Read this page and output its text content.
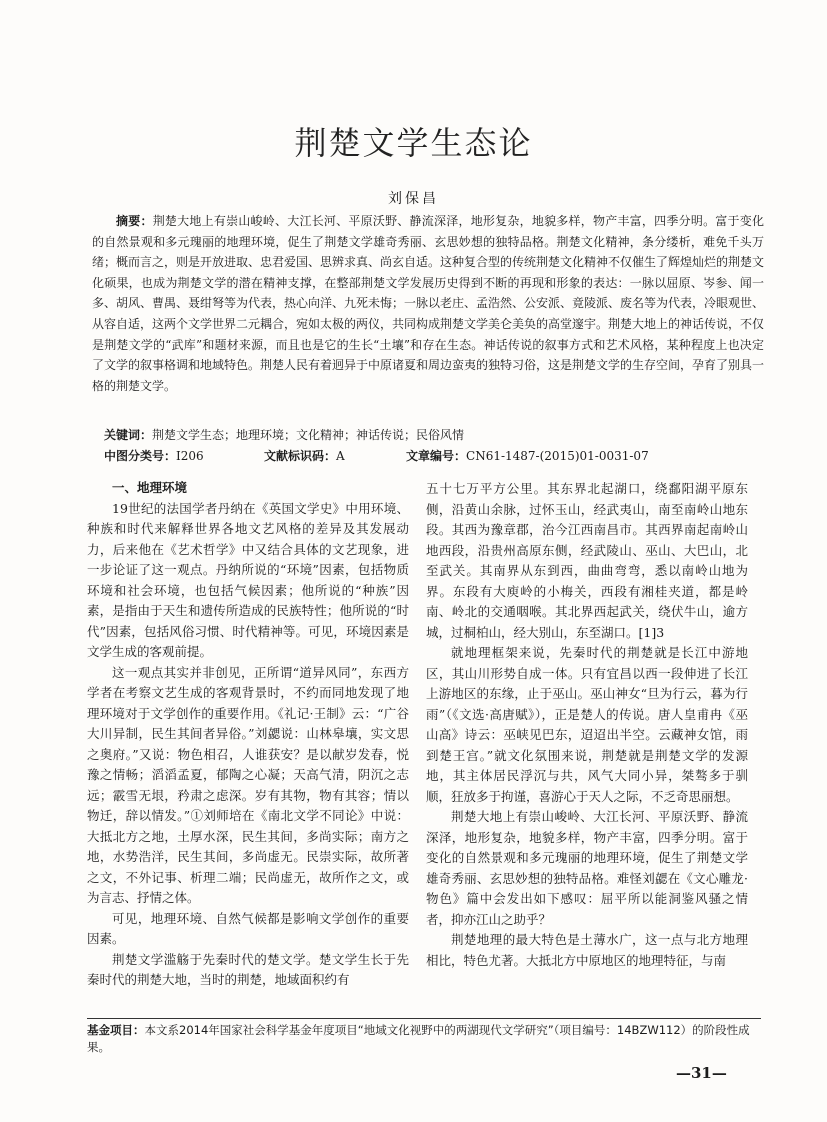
荆楚文学生态论
刘保昌
摘要：荆楚大地上有崇山峻岭、大江长河、平原沃野、静流深泽，地形复杂，地貌多样，物产丰富，四季分明。富于变化的自然景观和多元瑰丽的地理环境，促生了荆楚文学雄奇秀丽、玄思妙想的独特品格。荆楚文化精神，条分缕析，难免千头万绪；概而言之，则是开放进取、忠君爱国、思辨求真、尚玄自适。这种复合型的传统荆楚文化精神不仅催生了辉煌灿烂的荆楚文化硕果，也成为荆楚文学的潜在精神支撑，在整部荆楚文学发展历史得到不断的再现和形象的表达：一脉以屈原、岑参、闻一多、胡风、曹禺、聂绀弩等为代表，热心向洋、九死未悔；一脉以老庄、孟浩然、公安派、竟陵派、废名等为代表，冷眼观世、从容自适，这两个文学世界二元耦合，宛如太极的两仪，共同构成荆楚文学美仑美奂的高堂邃宇。荆楚大地上的神话传说，不仅是荆楚文学的“武库”和题材来源，而且也是它的生长“土壤”和存在生态。神话传说的叙事方式和艺术风格，某种程度上也决定了文学的叙事格调和地域特色。荆楚人民有着迥异于中原诸夏和周边蛮夷的独特习俗，这是荆楚文学的生存空间，孕育了别具一格的荆楚文学。
关键词：荆楚文学生态；地理环境；文化精神；神话传说；民俗风情
中图分类号：I206	文献标识码：A	文章编号：CN61-1487-(2015)01-0031-07

一、地理环境

19世纪的法国学者丹纳在《英国文学史》中用环境、种族和时代来解释世界各地文艺风格的差异及其发展动力，后来他在《艺术哲学》中又结合具体的文艺现象，进一步论证了这一观点。丹纳所说的“环境”因素，包括物质环境和社会环境，也包括气候因素；他所说的“种族”因素，是指由于天生和遗传所造成的民族特性；他所说的“时代”因素，包括风俗习惯、时代精神等。可见，环境因素是文学生成的客观前提。

这一观点其实并非创见，正所谓“道异风同”，东西方学者在考察文艺生成的客观背景时，不约而同地发现了地理环境对于文学创作的重要作用。《礼记·王制》云：“广谷大川异制，民生其间者异俗。”刘勰说：山林皋壤，实文思之奥府。”又说：物色相召，人谁获安？是以献岁发春，悦豫之情畅；滔滔孟夏，郁陶之心凝；天高气清，阴沉之志远；霰雪无垠，矜肃之虑深。岁有其物，物有其容；情以物迁，辞以情发。”①刘师培在《南北文学不同论》中说：大抵北方之地，土厚水深，民生其间，多尚实际；南方之地，水势浩洋，民生其间，多尚虚无。民崇实际，故所著之文，不外记事、析理二端；民尚虚无，故所作之文，或为言志、抒情之体。

可见，地理环境、自然气候都是影响文学创作的重要因素。

荆楚文学滥觞于先秦时代的楚文学。楚文学生长于先秦时代的荆楚大地，当时的荆楚，地域面积约有

五十七万平方公里。其东界北起湖口，绕鄱阳湖平原东侧，沿黄山余脉，过怀玉山，经武夷山，南至南岭山地东段。其西为豫章郡，治今江西南昌市。其西界南起南岭山地西段，沿贵州高原东侧，经武陵山、巫山、大巴山，北至武关。其南界从东到西，曲曲弯弯，悉以南岭山地为界。东段有大庾岭的小梅关，西段有湘桂夹道，都是岭南、岭北的交通咽喉。其北界西起武关，绕伏牛山，逾方城，过桐柏山，经大别山，东至湖口。[1]3

就地理框架来说，先秦时代的荆楚就是长江中游地区，其山川形势自成一体。只有宜昌以西一段伸进了长江上游地区的东缘，止于巫山。巫山神女“旦为行云，暮为行雨”（《文选·高唐赋》），正是楚人的传说。唐人皇甫冉《巫山高》诗云：巫峡见巴东，迢迢出半空。云藏神女馆，雨到楚王宫。”就文化氛围来说，荆楚就是荆楚文学的发源地，其主体居民浮沉与共，风气大同小异，桀骜多于驯顺，狂放多于拘谨，喜游心于天人之际，不乏奇思丽想。

荆楚大地上有崇山峻岭、大江长河、平原沃野、静流深泽，地形复杂，地貌多样，物产丰富，四季分明。富于变化的自然景观和多元瑰丽的地理环境，促生了荆楚文学雄奇秀丽、玄思妙想的独特品格。难怪刘勰在《文心雕龙·物色》篇中会发出如下感叹：屈平所以能洞鉴风骚之情者，抑亦江山之助乎？

荆楚地理的最大特色是土薄水广，这一点与北方地理相比，特色尤著。大抵北方中原地区的地理特征，与南

基金项目：本文系2014年国家社会科学基金年度项目“地域文化视野中的两湖现代文学研究”（项目编号：14BZW112）的阶段性成果。
—31—
